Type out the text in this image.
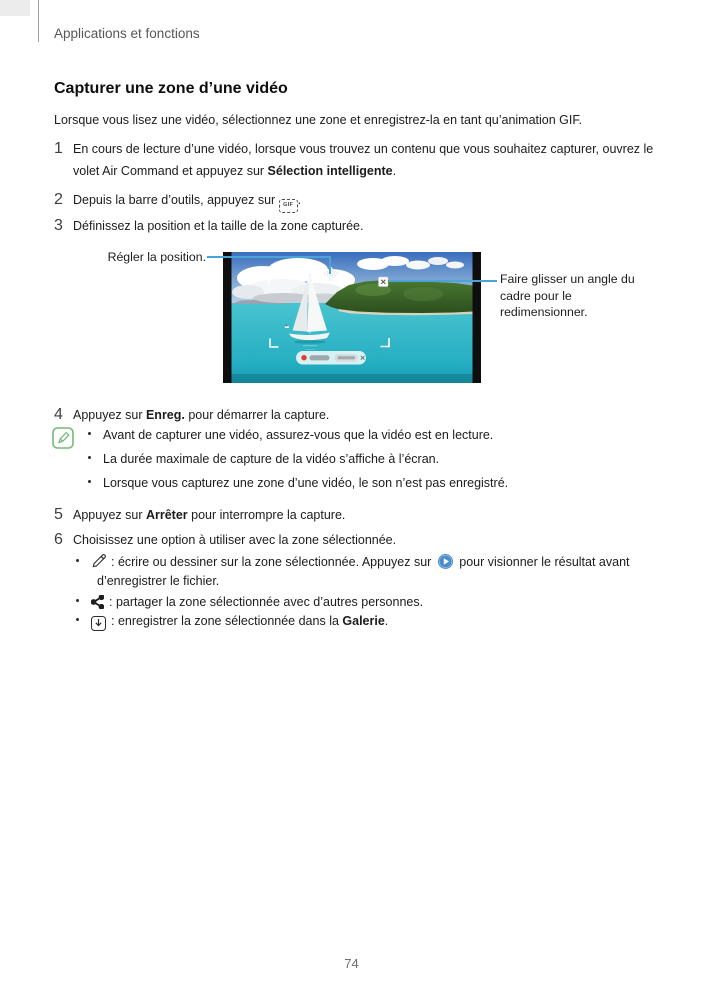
Applications et fonctions
Capturer une zone d’une vidéo
Lorsque vous lisez une vidéo, sélectionnez une zone et enregistrez-la en tant qu’animation GIF.
1 En cours de lecture d’une vidéo, lorsque vous trouvez un contenu que vous souhaitez capturer, ouvrez le
volet Air Command et appuyez sur Sélection intelligente.
2 Depuis la barre d’outils, appuyez sur GIF .
3 Définissez la position et la taille de la zone capturée.
Régler la position.
Faire glisser un angle du
cadre pour le
redimensionner.
4 Appuyez sur Enreg. pour démarrer la capture.
Avant de capturer une vidéo, assurez-vous que la vidéo est en lecture.
La durée maximale de capture de la vidéo s’affiche à l’écran.
Lorsque vous capturez une zone d’une vidéo, le son n’est pas enregistré.
5 Appuyez sur Arrêter pour interrompre la capture.
6 Choisissez une option à utiliser avec la zone sélectionnée.
: écrire ou dessiner sur la zone sélectionnée. Appuyez sur  pour visionner le résultat avant
d’enregistrer le fichier.
: partager la zone sélectionnée avec d’autres personnes.
: enregistrer la zone sélectionnée dans la Galerie.
74
